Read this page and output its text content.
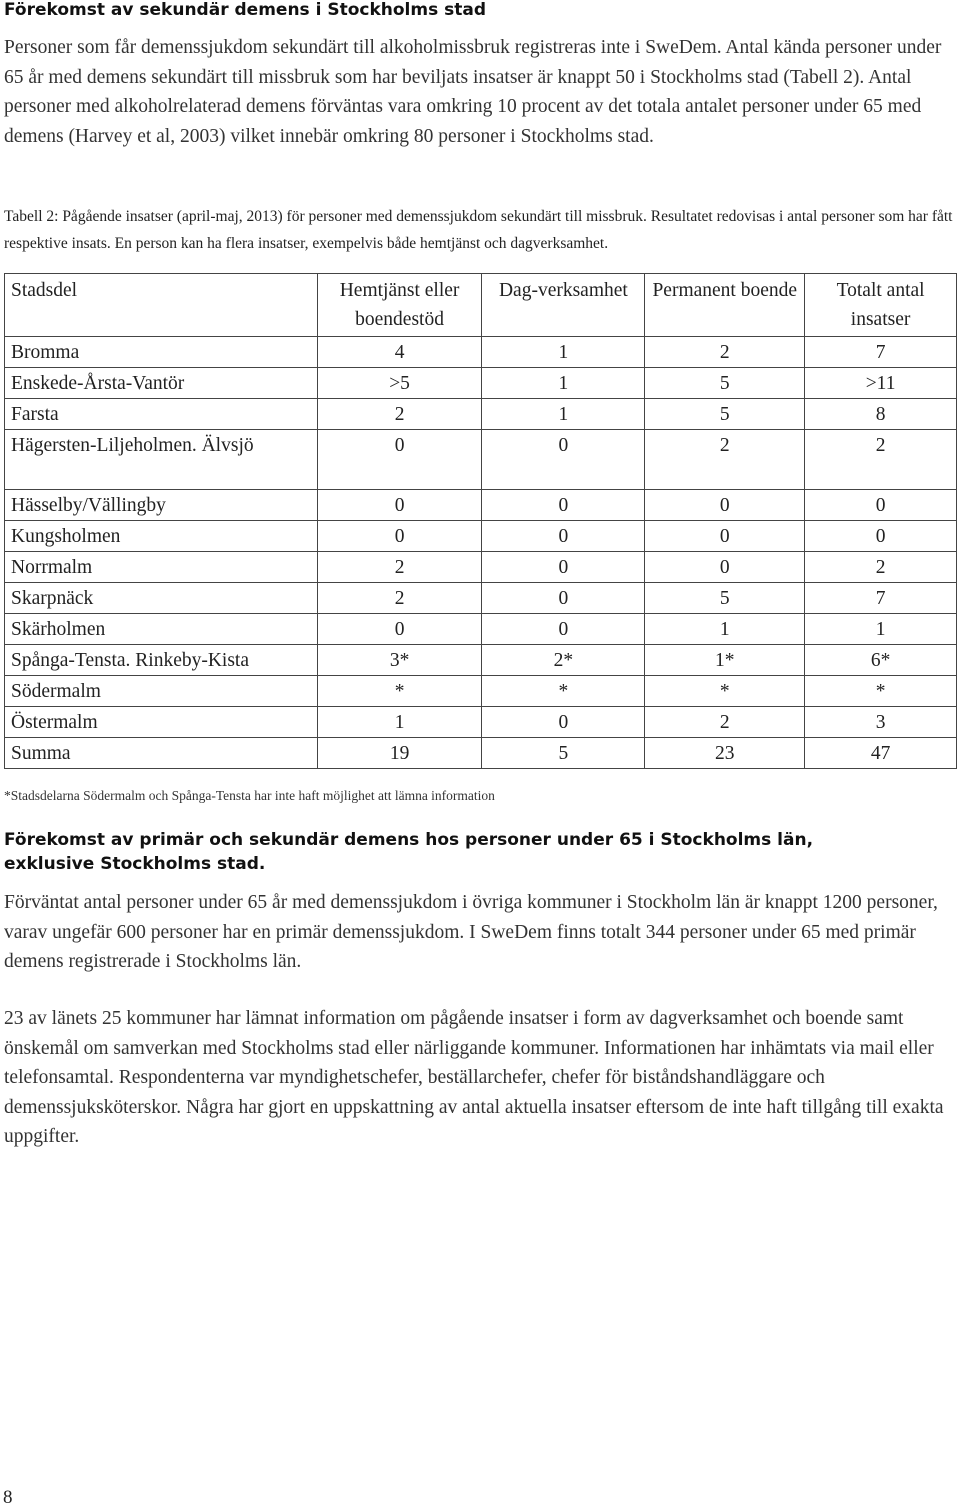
Förekomst av sekundär demens i Stockholms stad

Personer som får demenssjukdom sekundärt till alkoholmissbruk registreras inte i SweDem. Antal kända personer under 65 år med demens sekundärt till missbruk som har beviljats insatser är knappt 50 i Stockholms stad (Tabell 2). Antal personer med alkoholrelaterad demens förväntas vara omkring 10 procent av det totala antalet personer under 65 med demens (Harvey et al, 2003) vilket innebär omkring 80 personer i Stockholms stad.

Tabell 2: Pågående insatser (april-maj, 2013) för personer med demenssjukdom sekundärt till missbruk. Resultatet redovisas i antal personer som har fått respektive insats. En person kan ha flera insatser, exempelvis både hemtjänst och dagverksamhet.

Stadsdel	Hemtjänst eller boendestöd	Dag-verksamhet	Permanent boende	Totalt antal insatser
Bromma	4	1	2	7
Enskede-Årsta-Vantör	>5	1	5	>11
Farsta	2	1	5	8
Hägersten-Liljeholmen. Älvsjö	0	0	2	2
Hässelby/Vällingby	0	0	0	0
Kungsholmen	0	0	0	0
Norrmalm	2	0	0	2
Skarpnäck	2	0	5	7
Skärholmen	0	0	1	1
Spånga-Tensta. Rinkeby-Kista	3*	2*	1*	6*
Södermalm	*	*	*	*
Östermalm	1	0	2	3
Summa	19	5	23	47

*Stadsdelarna Södermalm och Spånga-Tensta har inte haft möjlighet att lämna information

Förekomst av primär och sekundär demens hos personer under 65 i Stockholms län, exklusive Stockholms stad.

Förväntat antal personer under 65 år med demenssjukdom i övriga kommuner i Stockholm län är knappt 1200 personer, varav ungefär 600 personer har en primär demenssjukdom. I SweDem finns totalt 344 personer under 65 med primär demens registrerade i Stockholms län.

23 av länets 25 kommuner har lämnat information om pågående insatser i form av dagverksamhet och boende samt önskemål om samverkan med Stockholms stad eller närliggande kommuner. Informationen har inhämtats via mail eller telefonsamtal. Respondenterna var myndighetschefer, beställarchefer, chefer för biståndshandläggare och demenssjuksköterskor. Några har gjort en uppskattning av antal aktuella insatser eftersom de inte haft tillgång till exakta uppgifter.

8
